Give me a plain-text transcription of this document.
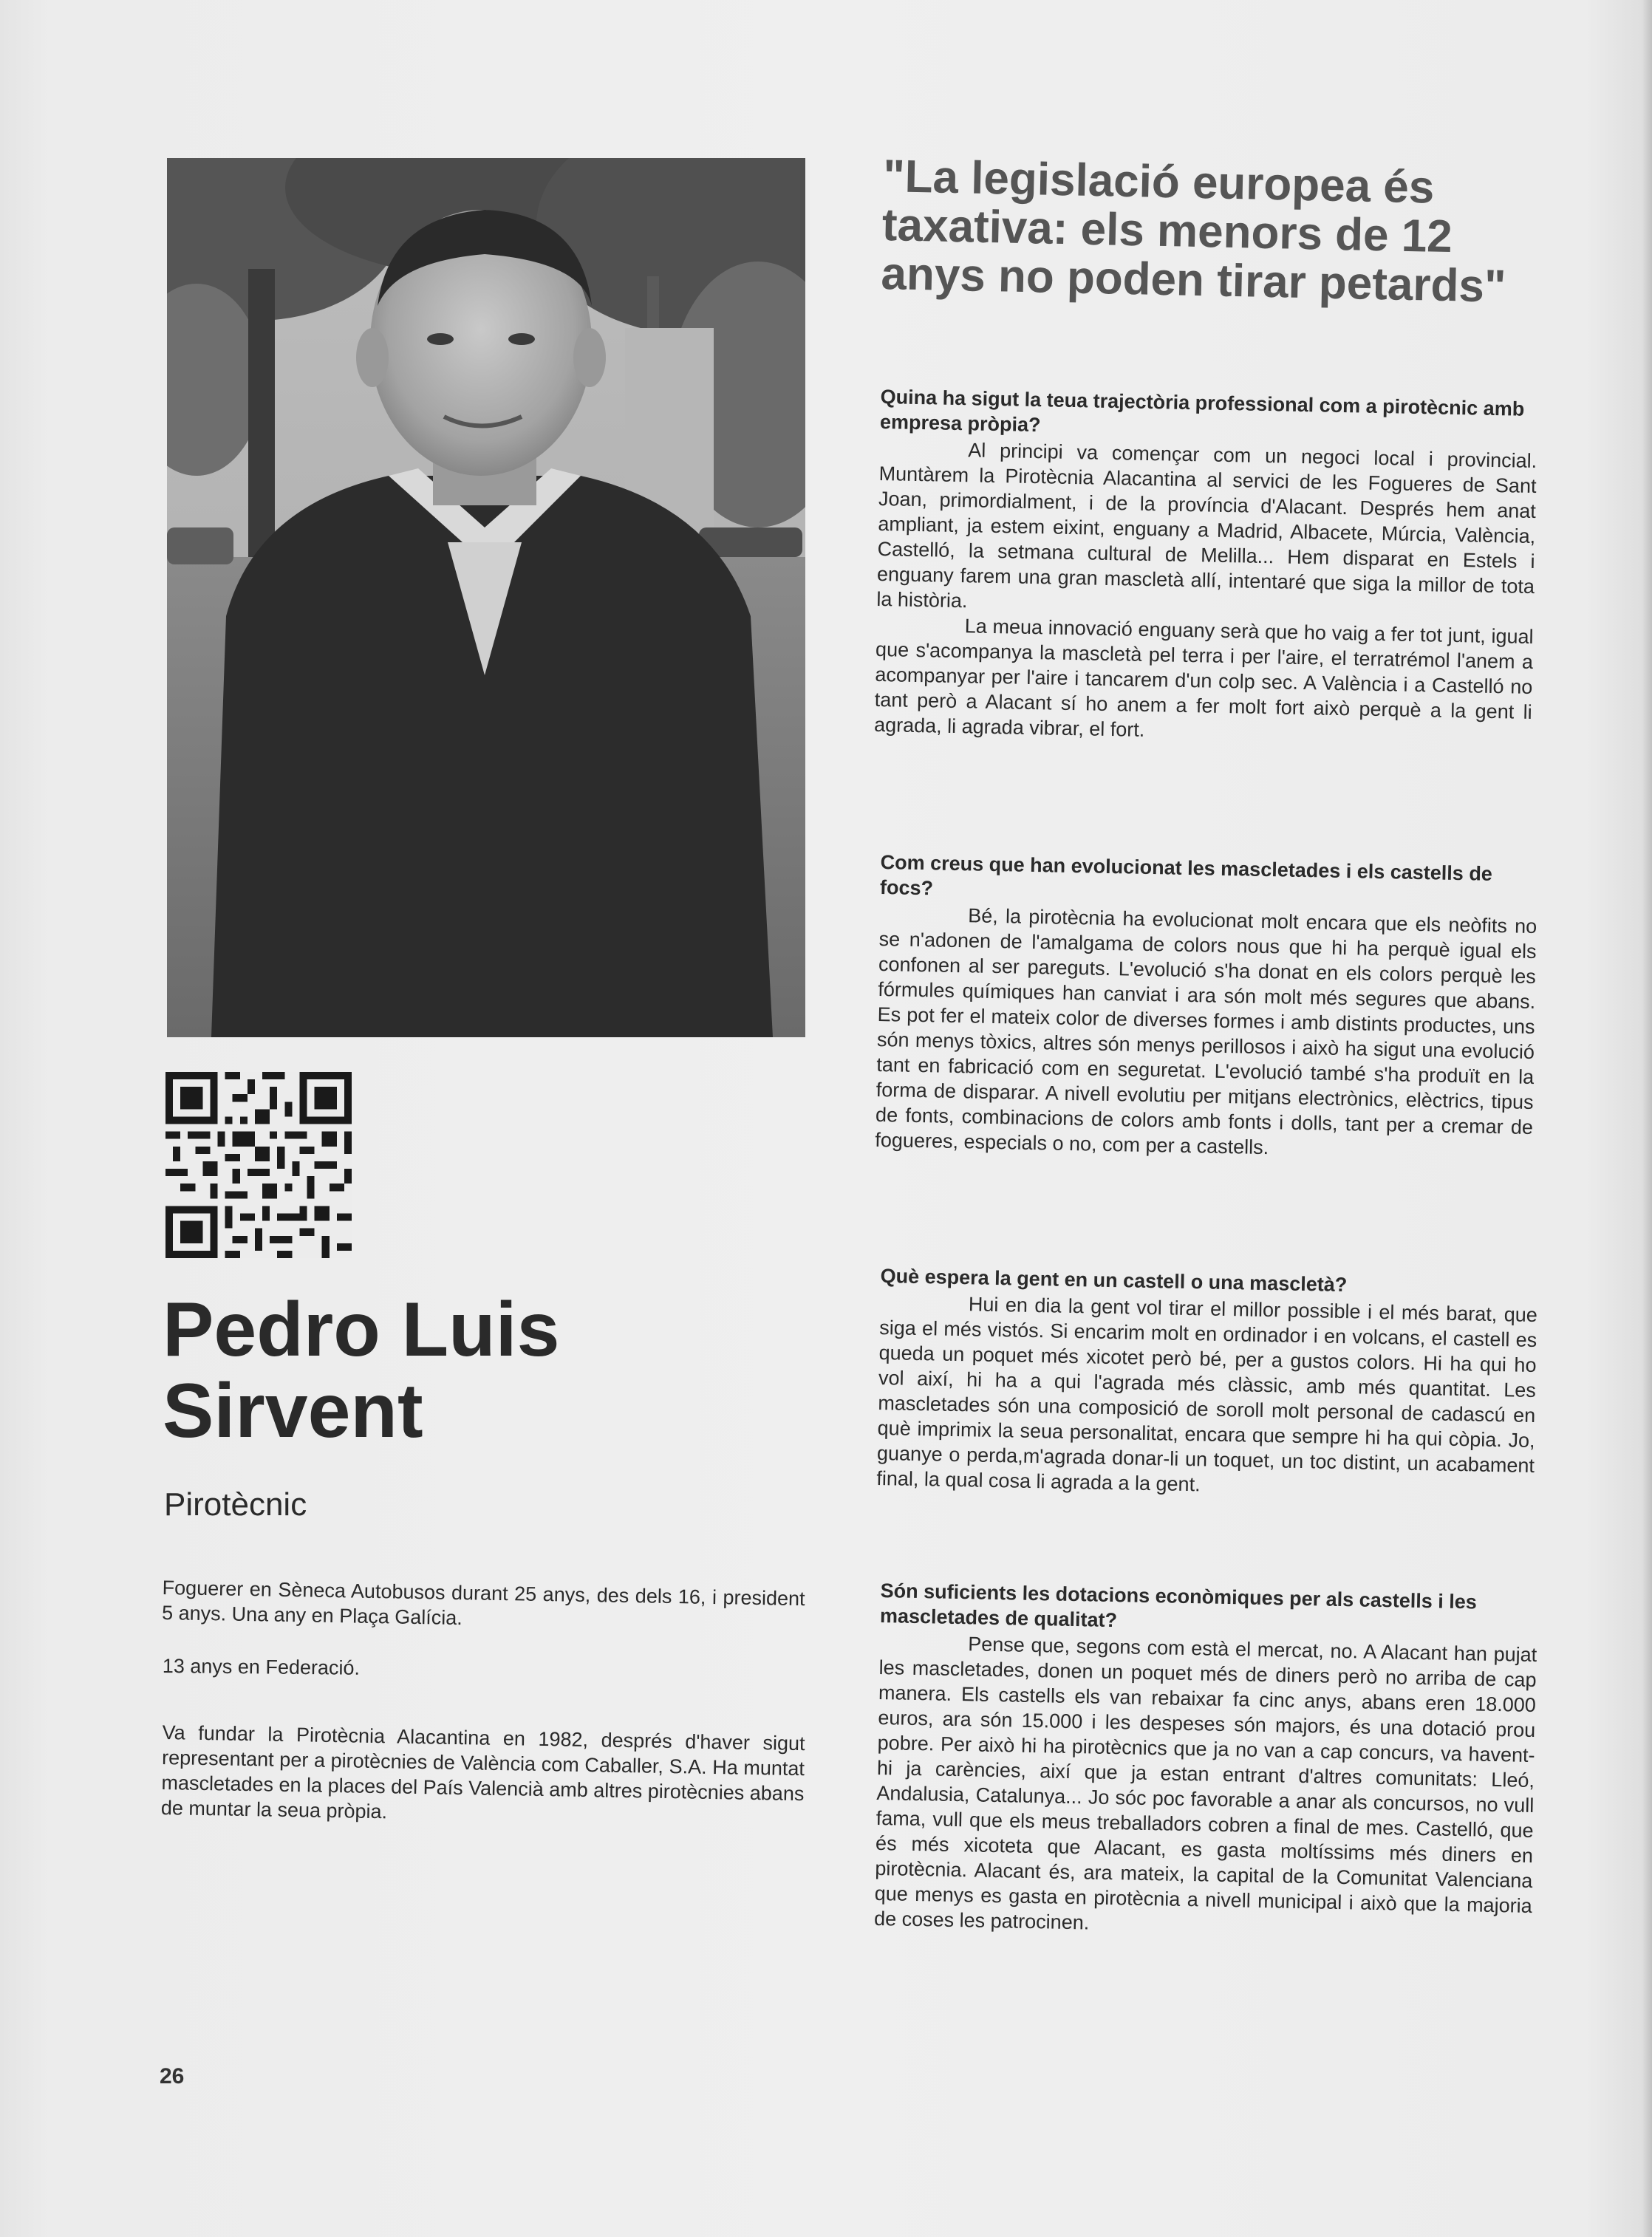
Pedro Luis
Sirvent
Pirotècnic

Foguerer en Sèneca Autobusos durant 25 anys, des dels 16, i president 5 anys. Una any en Plaça Galícia.

13 anys en Federació.

Va fundar la Pirotècnia Alacantina en 1982, després d'haver sigut representant per a pirotècnies de València com Caballer, S.A. Ha muntat mascletades en la places del País Valencià amb altres pirotècnies abans de muntar la seua pròpia.

26
"La legislació europea és taxativa: els menors de 12 anys no poden tirar petards"

Quina ha sigut la teua trajectòria professional com a pirotècnic amb empresa pròpia?

Al principi va començar com un negoci local i provincial. Muntàrem la Pirotècnia Alacantina al servici de les Fogueres de Sant Joan, primordialment, i de la província d'Alacant. Després hem anat ampliant, ja estem eixint, enguany a Madrid, Albacete, Múrcia, València, Castelló, la setmana cultural de Melilla... Hem disparat en Estels i enguany farem una gran mascletà allí, intentaré que siga la millor de tota la història.

La meua innovació enguany serà que ho vaig a fer tot junt, igual que s'acompanya la mascletà pel terra i per l'aire, el terratrémol l'anem a acompanyar per l'aire i tancarem d'un colp sec. A València i a Castelló no tant però a Alacant sí ho anem a fer molt fort això perquè a la gent li agrada, li agrada vibrar, el fort.

Com creus que han evolucionat les mascletades i els castells de focs?

Bé, la pirotècnia ha evolucionat molt encara que els neòfits no se n'adonen de l'amalgama de colors nous que hi ha perquè igual els confonen al ser pareguts. L'evolució s'ha donat en els colors perquè les fórmules químiques han canviat i ara són molt més segures que abans. Es pot fer el mateix color de diverses formes i amb distints productes, uns són menys tòxics, altres són menys perillosos i això ha sigut una evolució tant en fabricació com en seguretat. L'evolució també s'ha produït en la forma de disparar. A nivell evolutiu per mitjans electrònics, elèctrics, tipus de fonts, combinacions de colors amb fonts i dolls, tant per a cremar de fogueres, especials o no, com per a castells.

Què espera la gent en un castell o una mascletà?

Hui en dia la gent vol tirar el millor possible i el més barat, que siga el més vistós. Si encarim molt en ordinador i en volcans, el castell es queda un poquet més xicotet però bé, per a gustos colors. Hi ha qui ho vol així, hi ha a qui l'agrada més clàssic, amb més quantitat. Les mascletades són una composició de soroll molt personal de cadascú en què imprimix la seua personalitat, encara que sempre hi ha qui còpia. Jo, guanye o perda,m'agrada donar-li un toquet, un toc distint, un acabament final, la qual cosa li agrada a la gent.

Són suficients les dotacions econòmiques per als castells i les mascletades de qualitat?

Pense que, segons com està el mercat, no. A Alacant han pujat les mascletades, donen un poquet més de diners però no arriba de cap manera. Els castells els van rebaixar fa cinc anys, abans eren 18.000 euros, ara són 15.000 i les despeses són majors, és una dotació prou pobre. Per això hi ha pirotècnics que ja no van a cap concurs, va havent-hi ja carències, així que ja estan entrant d'altres comunitats: Lleó, Andalusia, Catalunya... Jo sóc poc favorable a anar als concursos, no vull fama, vull que els meus treballadors cobren a final de mes. Castelló, que és més xicoteta que Alacant, es gasta moltíssims més diners en pirotècnia. Alacant és, ara mateix, la capital de la Comunitat Valenciana que menys es gasta en pirotècnia a nivell municipal i això que la majoria de coses les patrocinen.
